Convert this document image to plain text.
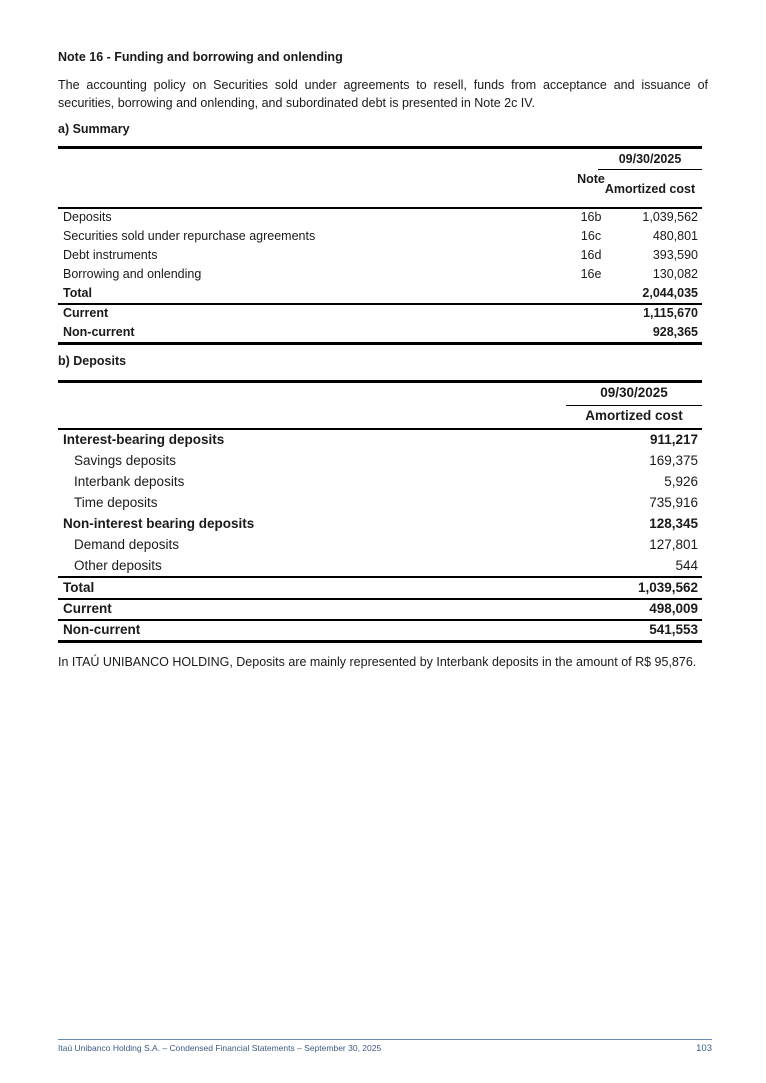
Note 16 - Funding and borrowing and onlending
The accounting policy on Securities sold under agreements to resell, funds from acceptance and issuance of securities, borrowing and onlending, and subordinated debt is presented in Note 2c IV.
a) Summary
09/30/2025
Note
Amortized cost
Deposits	16b	1,039,562
Securities sold under repurchase agreements	16c	480,801
Debt instruments	16d	393,590
Borrowing and onlending	16e	130,082
Total	2,044,035
Current	1,115,670
Non-current	928,365
b) Deposits
09/30/2025
Amortized cost
Interest-bearing deposits	911,217
Savings deposits	169,375
Interbank deposits	5,926
Time deposits	735,916
Non-interest bearing deposits	128,345
Demand deposits	127,801
Other deposits	544
Total	1,039,562
Current	498,009
Non-current	541,553
In ITAÚ UNIBANCO HOLDING, Deposits are mainly represented by Interbank deposits in the amount of R$ 95,876.
Itaú Unibanco Holding S.A. – Condensed Financial Statements – September 30, 2025	103
